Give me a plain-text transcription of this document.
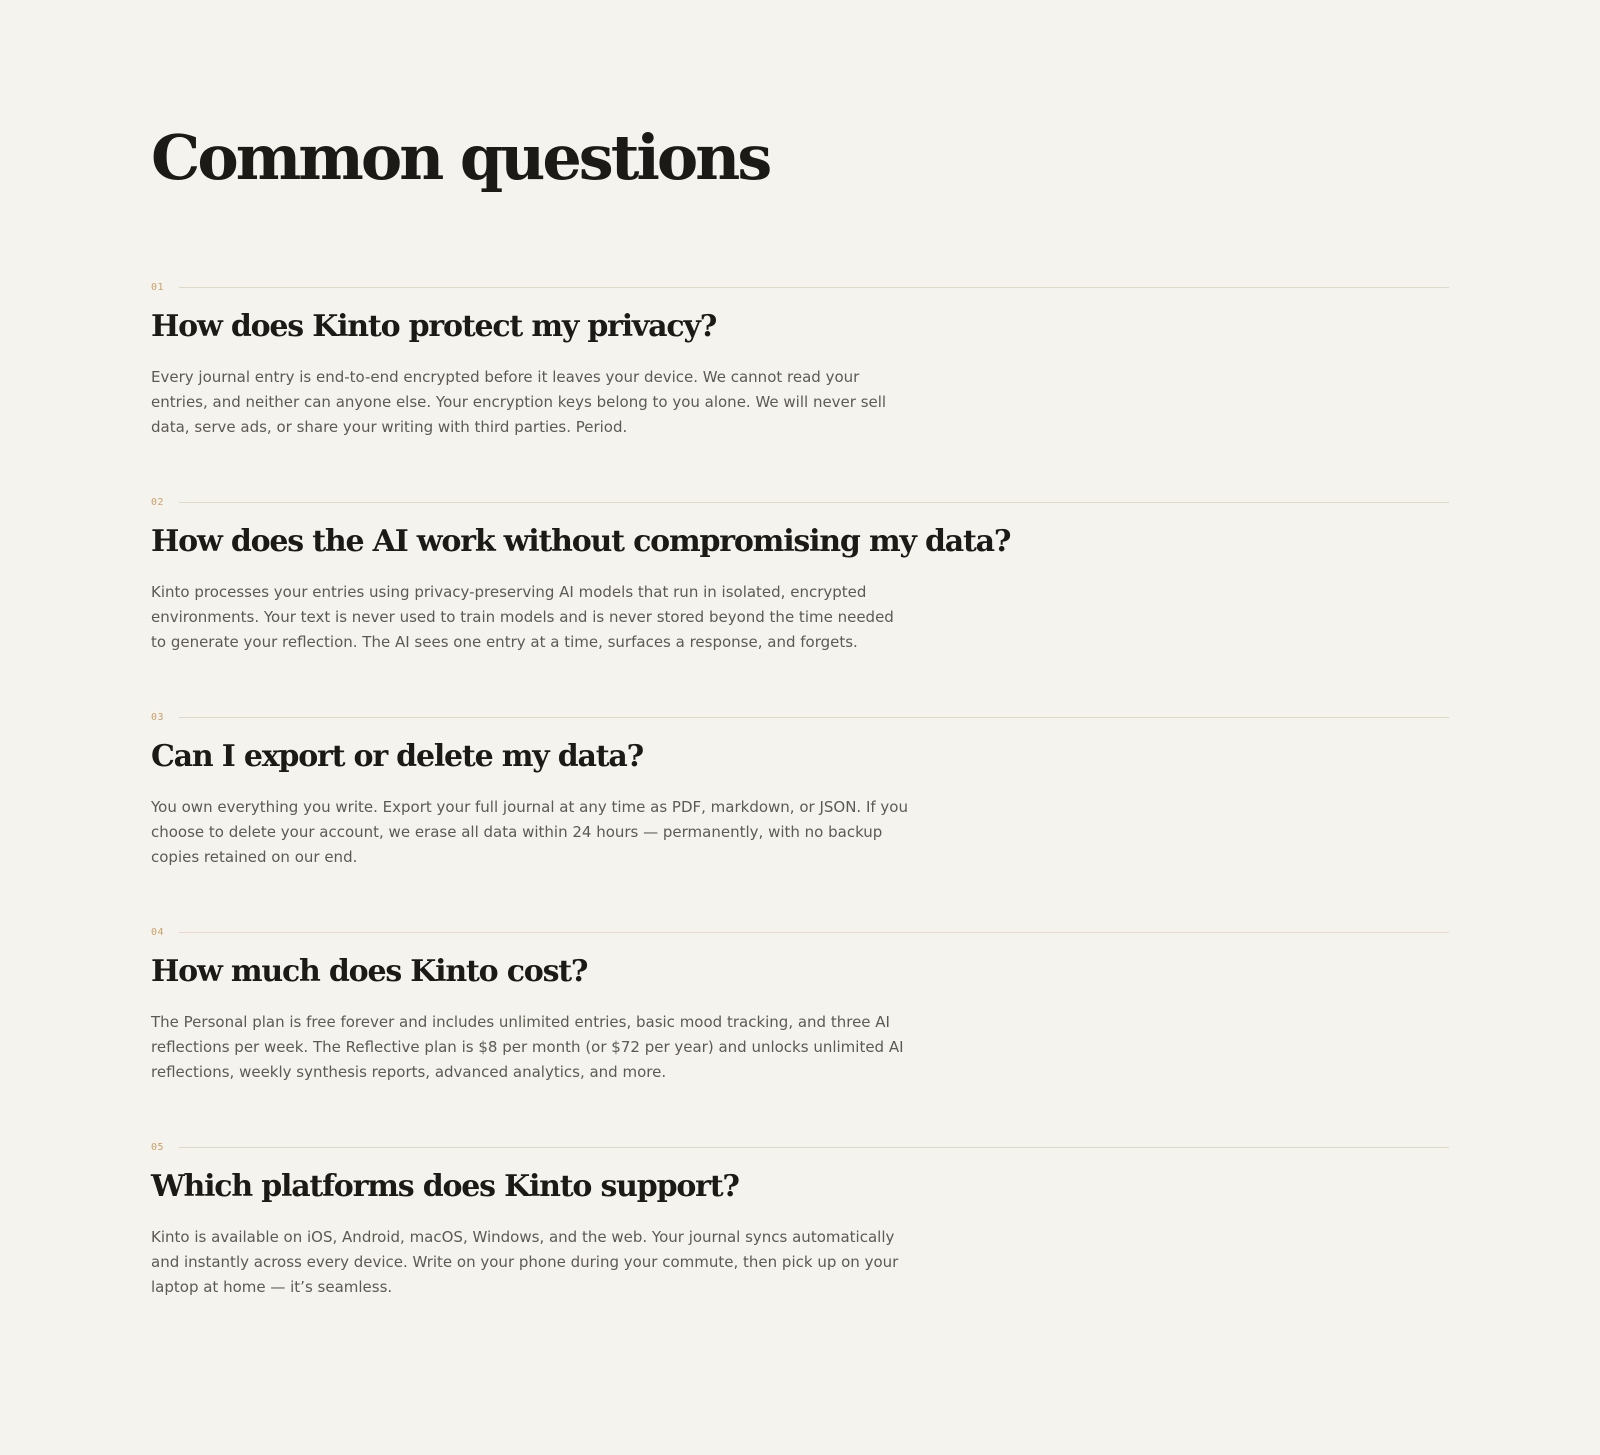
Common questions
01
How does Kinto protect my privacy?

Every journal entry is end-to-end encrypted before it leaves your device. We cannot read your entries, and neither can anyone else. Your encryption keys belong to you alone. We will never sell data, serve ads, or share your writing with third parties. Period.

02
How does the AI work without compromising my data?

Kinto processes your entries using privacy-preserving AI models that run in isolated, encrypted environments. Your text is never used to train models and is never stored beyond the time needed to generate your reflection. The AI sees one entry at a time, surfaces a response, and forgets.

03
Can I export or delete my data?

You own everything you write. Export your full journal at any time as PDF, markdown, or JSON. If you choose to delete your account, we erase all data within 24 hours — permanently, with no backup copies retained on our end.

04
How much does Kinto cost?

The Personal plan is free forever and includes unlimited entries, basic mood tracking, and three AI reflections per week. The Reflective plan is $8 per month (or $72 per year) and unlocks unlimited AI reflections, weekly synthesis reports, advanced analytics, and more.

05
Which platforms does Kinto support?

Kinto is available on iOS, Android, macOS, Windows, and the web. Your journal syncs automatically and instantly across every device. Write on your phone during your commute, then pick up on your laptop at home — it’s seamless.
